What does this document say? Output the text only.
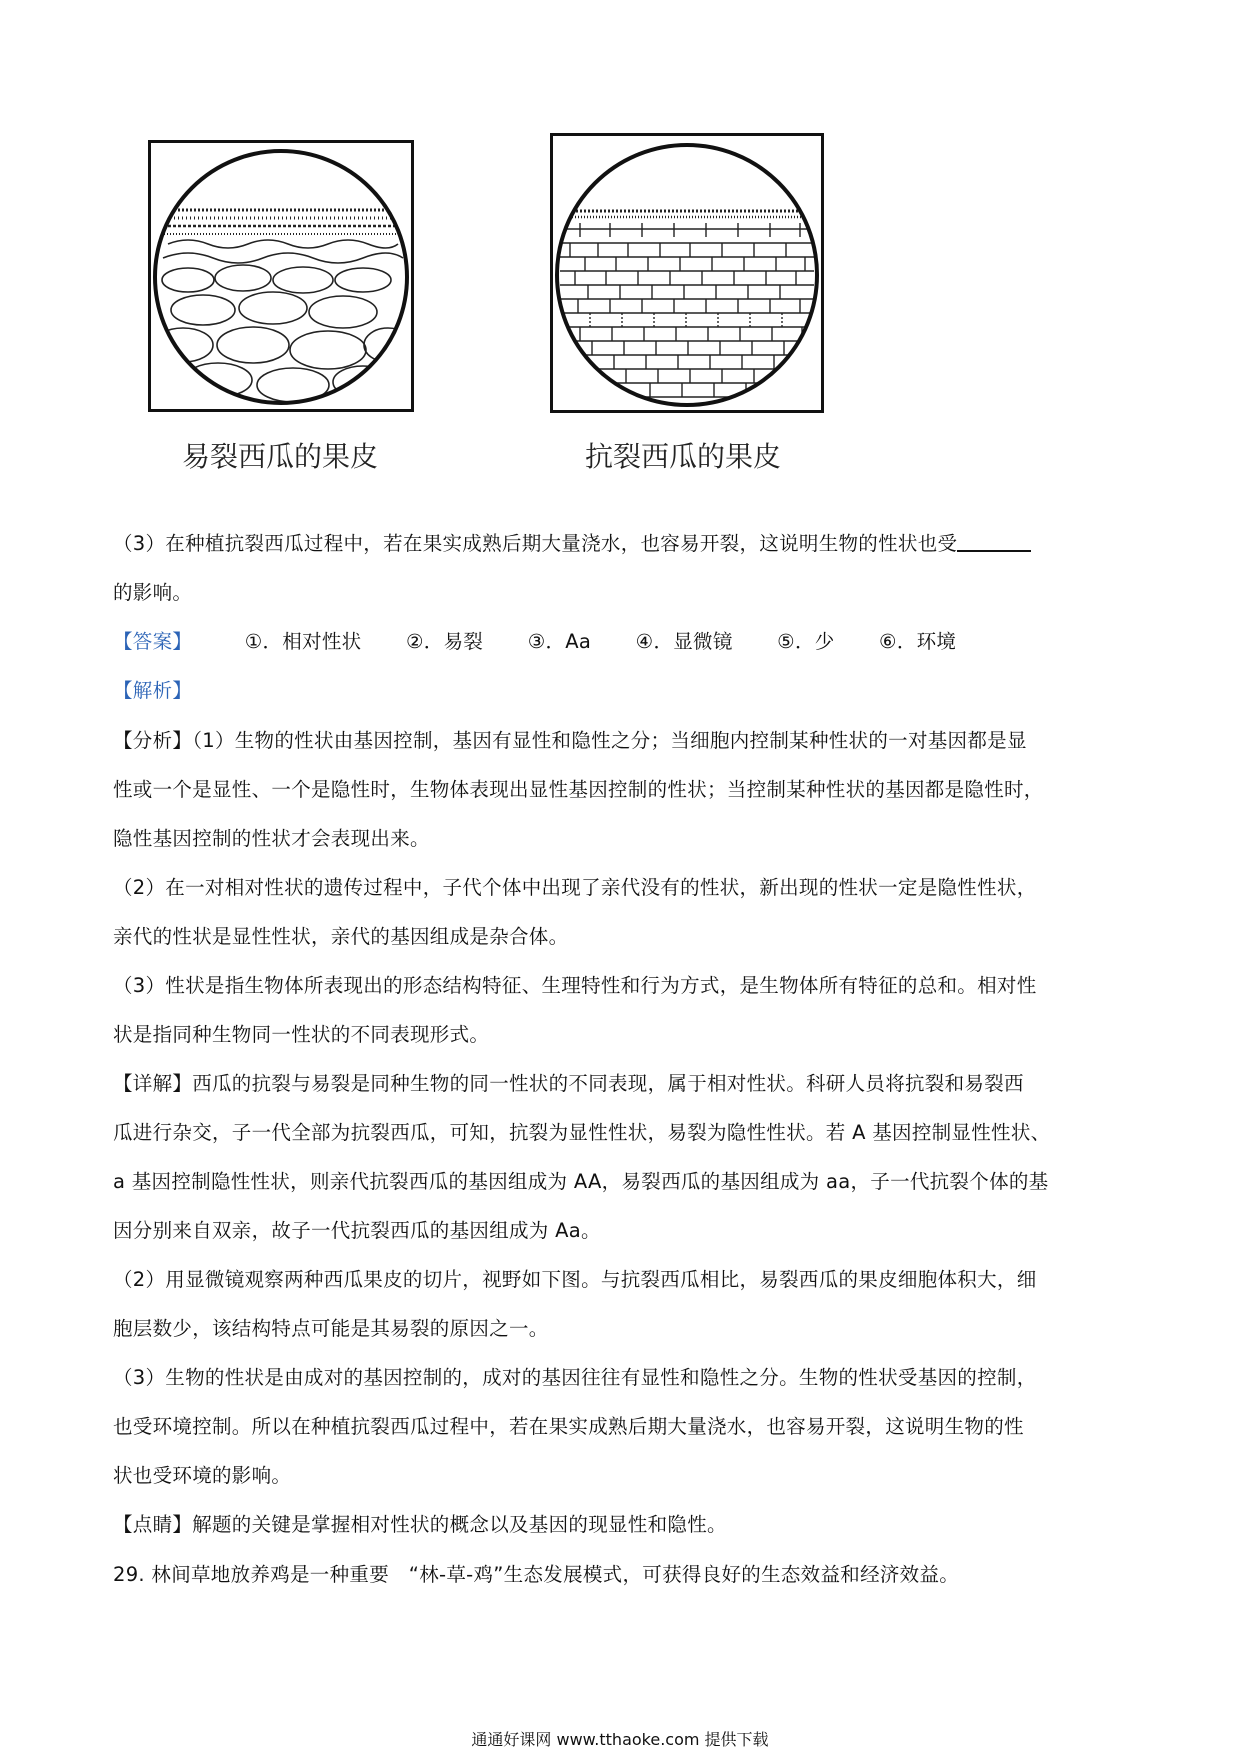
易裂西瓜的果皮	抗裂西瓜的果皮
（3）在种植抗裂西瓜过程中，若在果实成熟后期大量浇水，也容易开裂，这说明生物的性状也受
的影响。
【答案】	①．相对性状 ②．易裂 ③．Aa ④．显微镜 ⑤．少 ⑥．环境
【解析】
【分析】（1）生物的性状由基因控制，基因有显性和隐性之分；当细胞内控制某种性状的一对基因都是显
性或一个是显性、一个是隐性时，生物体表现出显性基因控制的性状；当控制某种性状的基因都是隐性时，
隐性基因控制的性状才会表现出来。
（2）在一对相对性状的遗传过程中，子代个体中出现了亲代没有的性状，新出现的性状一定是隐性性状，
亲代的性状是显性性状，亲代的基因组成是杂合体。
（3）性状是指生物体所表现出的形态结构特征、生理特性和行为方式，是生物体所有特征的总和。相对性
状是指同种生物同一性状的不同表现形式。
【详解】西瓜的抗裂与易裂是同种生物的同一性状的不同表现，属于相对性状。科研人员将抗裂和易裂西
瓜进行杂交，子一代全部为抗裂西瓜，可知，抗裂为显性性状，易裂为隐性性状。若 A 基因控制显性性状、
a 基因控制隐性性状，则亲代抗裂西瓜的基因组成为 AA，易裂西瓜的基因组成为 aa，子一代抗裂个体的基
因分别来自双亲，故子一代抗裂西瓜的基因组成为 Aa。
（2）用显微镜观察两种西瓜果皮的切片，视野如下图。与抗裂西瓜相比，易裂西瓜的果皮细胞体积大，细
胞层数少，该结构特点可能是其易裂的原因之一。
（3）生物的性状是由成对的基因控制的，成对的基因往往有显性和隐性之分。生物的性状受基因的控制，
也受环境控制。所以在种植抗裂西瓜过程中，若在果实成熟后期大量浇水，也容易开裂，这说明生物的性
状也受环境的影响。
【点睛】解题的关键是掌握相对性状的概念以及基因的现显性和隐性。
29. 林间草地放养鸡是一种重要　“林-草-鸡”生态发展模式，可获得良好的生态效益和经济效益。
通通好课网 www.tthaoke.com 提供下载
